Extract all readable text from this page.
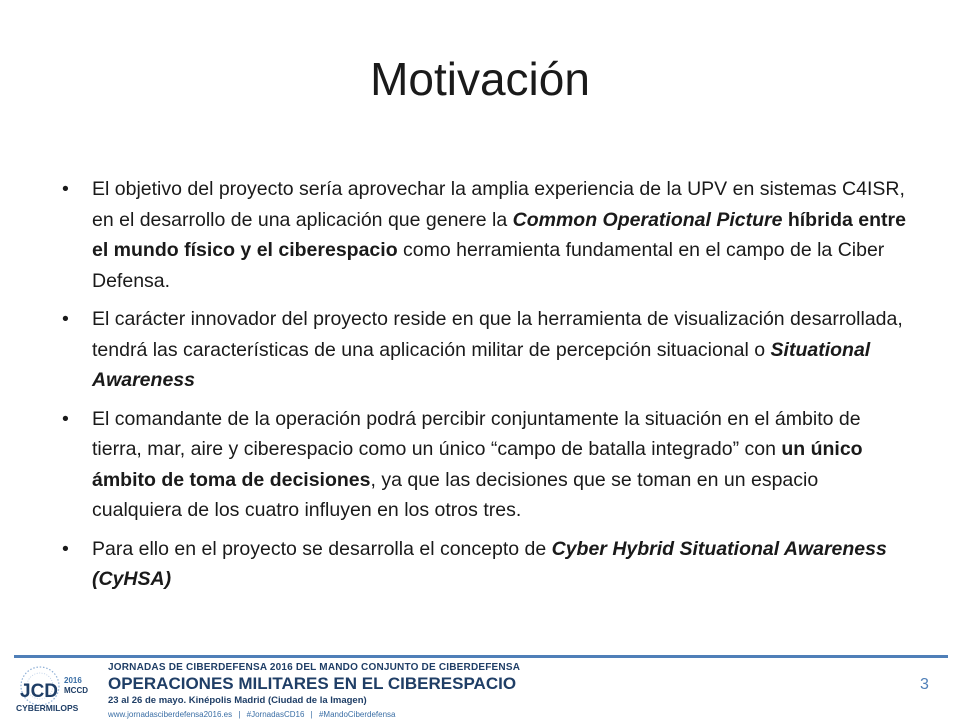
Motivación
• El objetivo del proyecto sería aprovechar la amplia experiencia de la UPV en sistemas C4ISR, en el desarrollo de una aplicación que genere la Common Operational Picture híbrida entre el mundo físico y el ciberespacio como herramienta fundamental en el campo de la Ciber Defensa.
• El carácter innovador del proyecto reside en que la herramienta de visualización desarrollada, tendrá las características de una aplicación militar de percepción situacional o Situational Awareness
• El comandante de la operación podrá percibir conjuntamente la situación en el ámbito de tierra, mar, aire y ciberespacio como un único “campo de batalla integrado” con un único ámbito de toma de decisiones, ya que las decisiones que se toman en un espacio cualquiera de los cuatro influyen en los otros tres.
• Para ello en el proyecto se desarrolla el concepto de Cyber Hybrid Situational Awareness (CyHSA)
JCD
2016
MCCD
CYBERMILOPS
JORNADAS DE CIBERDEFENSA 2016 DEL MANDO CONJUNTO DE CIBERDEFENSA
OPERACIONES MILITARES EN EL CIBERESPACIO
23 al 26 de mayo. Kinépolis Madrid (Ciudad de la Imagen)
www.jornadasciberdefensa2016.es | #JornadasCD16 | #MandoCiberdefensa
3
